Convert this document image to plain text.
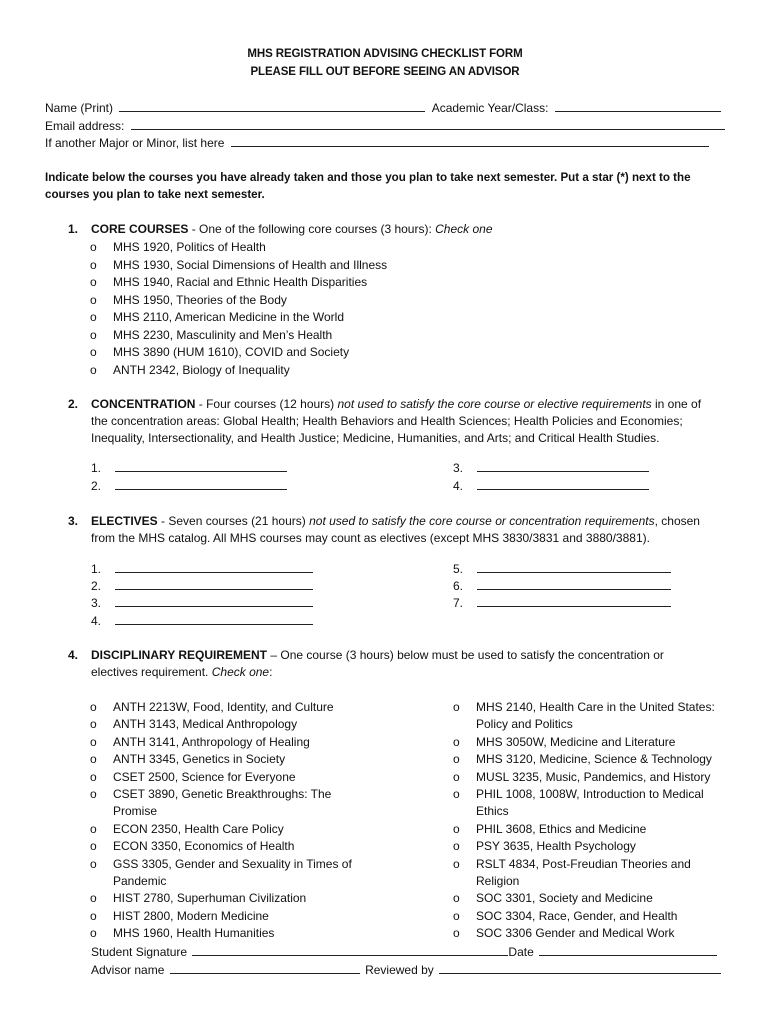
MHS REGISTRATION ADVISING CHECKLIST FORM
PLEASE FILL OUT BEFORE SEEING AN ADVISOR
Name (Print)	Academic Year/Class:
Email address:
If another Major or Minor, list here
Indicate below the courses you have already taken and those you plan to take next semester. Put a star (*) next to the
courses you plan to take next semester.
1. CORE COURSES - One of the following core courses (3 hours): Check one
o MHS 1920, Politics of Health
o MHS 1930, Social Dimensions of Health and Illness
o MHS 1940, Racial and Ethnic Health Disparities
o MHS 1950, Theories of the Body
o MHS 2110, American Medicine in the World
o MHS 2230, Masculinity and Men’s Health
o MHS 3890 (HUM 1610), COVID and Society
o ANTH 2342, Biology of Inequality
2. CONCENTRATION - Four courses (12 hours) not used to satisfy the core course or elective requirements in one of
the concentration areas: Global Health; Health Behaviors and Health Sciences; Health Policies and Economies;
Inequality, Intersectionality, and Health Justice; Medicine, Humanities, and Arts; and Critical Health Studies.
1.
2.
3.
4.
3. ELECTIVES - Seven courses (21 hours) not used to satisfy the core course or concentration requirements, chosen
from the MHS catalog. All MHS courses may count as electives (except MHS 3830/3831 and 3880/3881).
1.
2.
3.
4.
5.
6.
7.
4. DISCIPLINARY REQUIREMENT – One course (3 hours) below must be used to satisfy the concentration or
electives requirement. Check one:
o ANTH 2213W, Food, Identity, and Culture
o ANTH 3143, Medical Anthropology
o ANTH 3141, Anthropology of Healing
o ANTH 3345, Genetics in Society
o CSET 2500, Science for Everyone
o CSET 3890, Genetic Breakthroughs: The
Promise
o ECON 2350, Health Care Policy
o ECON 3350, Economics of Health
o GSS 3305, Gender and Sexuality in Times of
Pandemic
o HIST 2780, Superhuman Civilization
o HIST 2800, Modern Medicine
o MHS 1960, Health Humanities
o MHS 2140, Health Care in the United States:
Policy and Politics
o MHS 3050W, Medicine and Literature
o MHS 3120, Medicine, Science & Technology
o MUSL 3235, Music, Pandemics, and History
o PHIL 1008, 1008W, Introduction to Medical
Ethics
o PHIL 3608, Ethics and Medicine
o PSY 3635, Health Psychology
o RSLT 4834, Post-Freudian Theories and
Religion
o SOC 3301, Society and Medicine
o SOC 3304, Race, Gender, and Health
o SOC 3306 Gender and Medical Work
Student Signature	Date
Advisor name	Reviewed by
